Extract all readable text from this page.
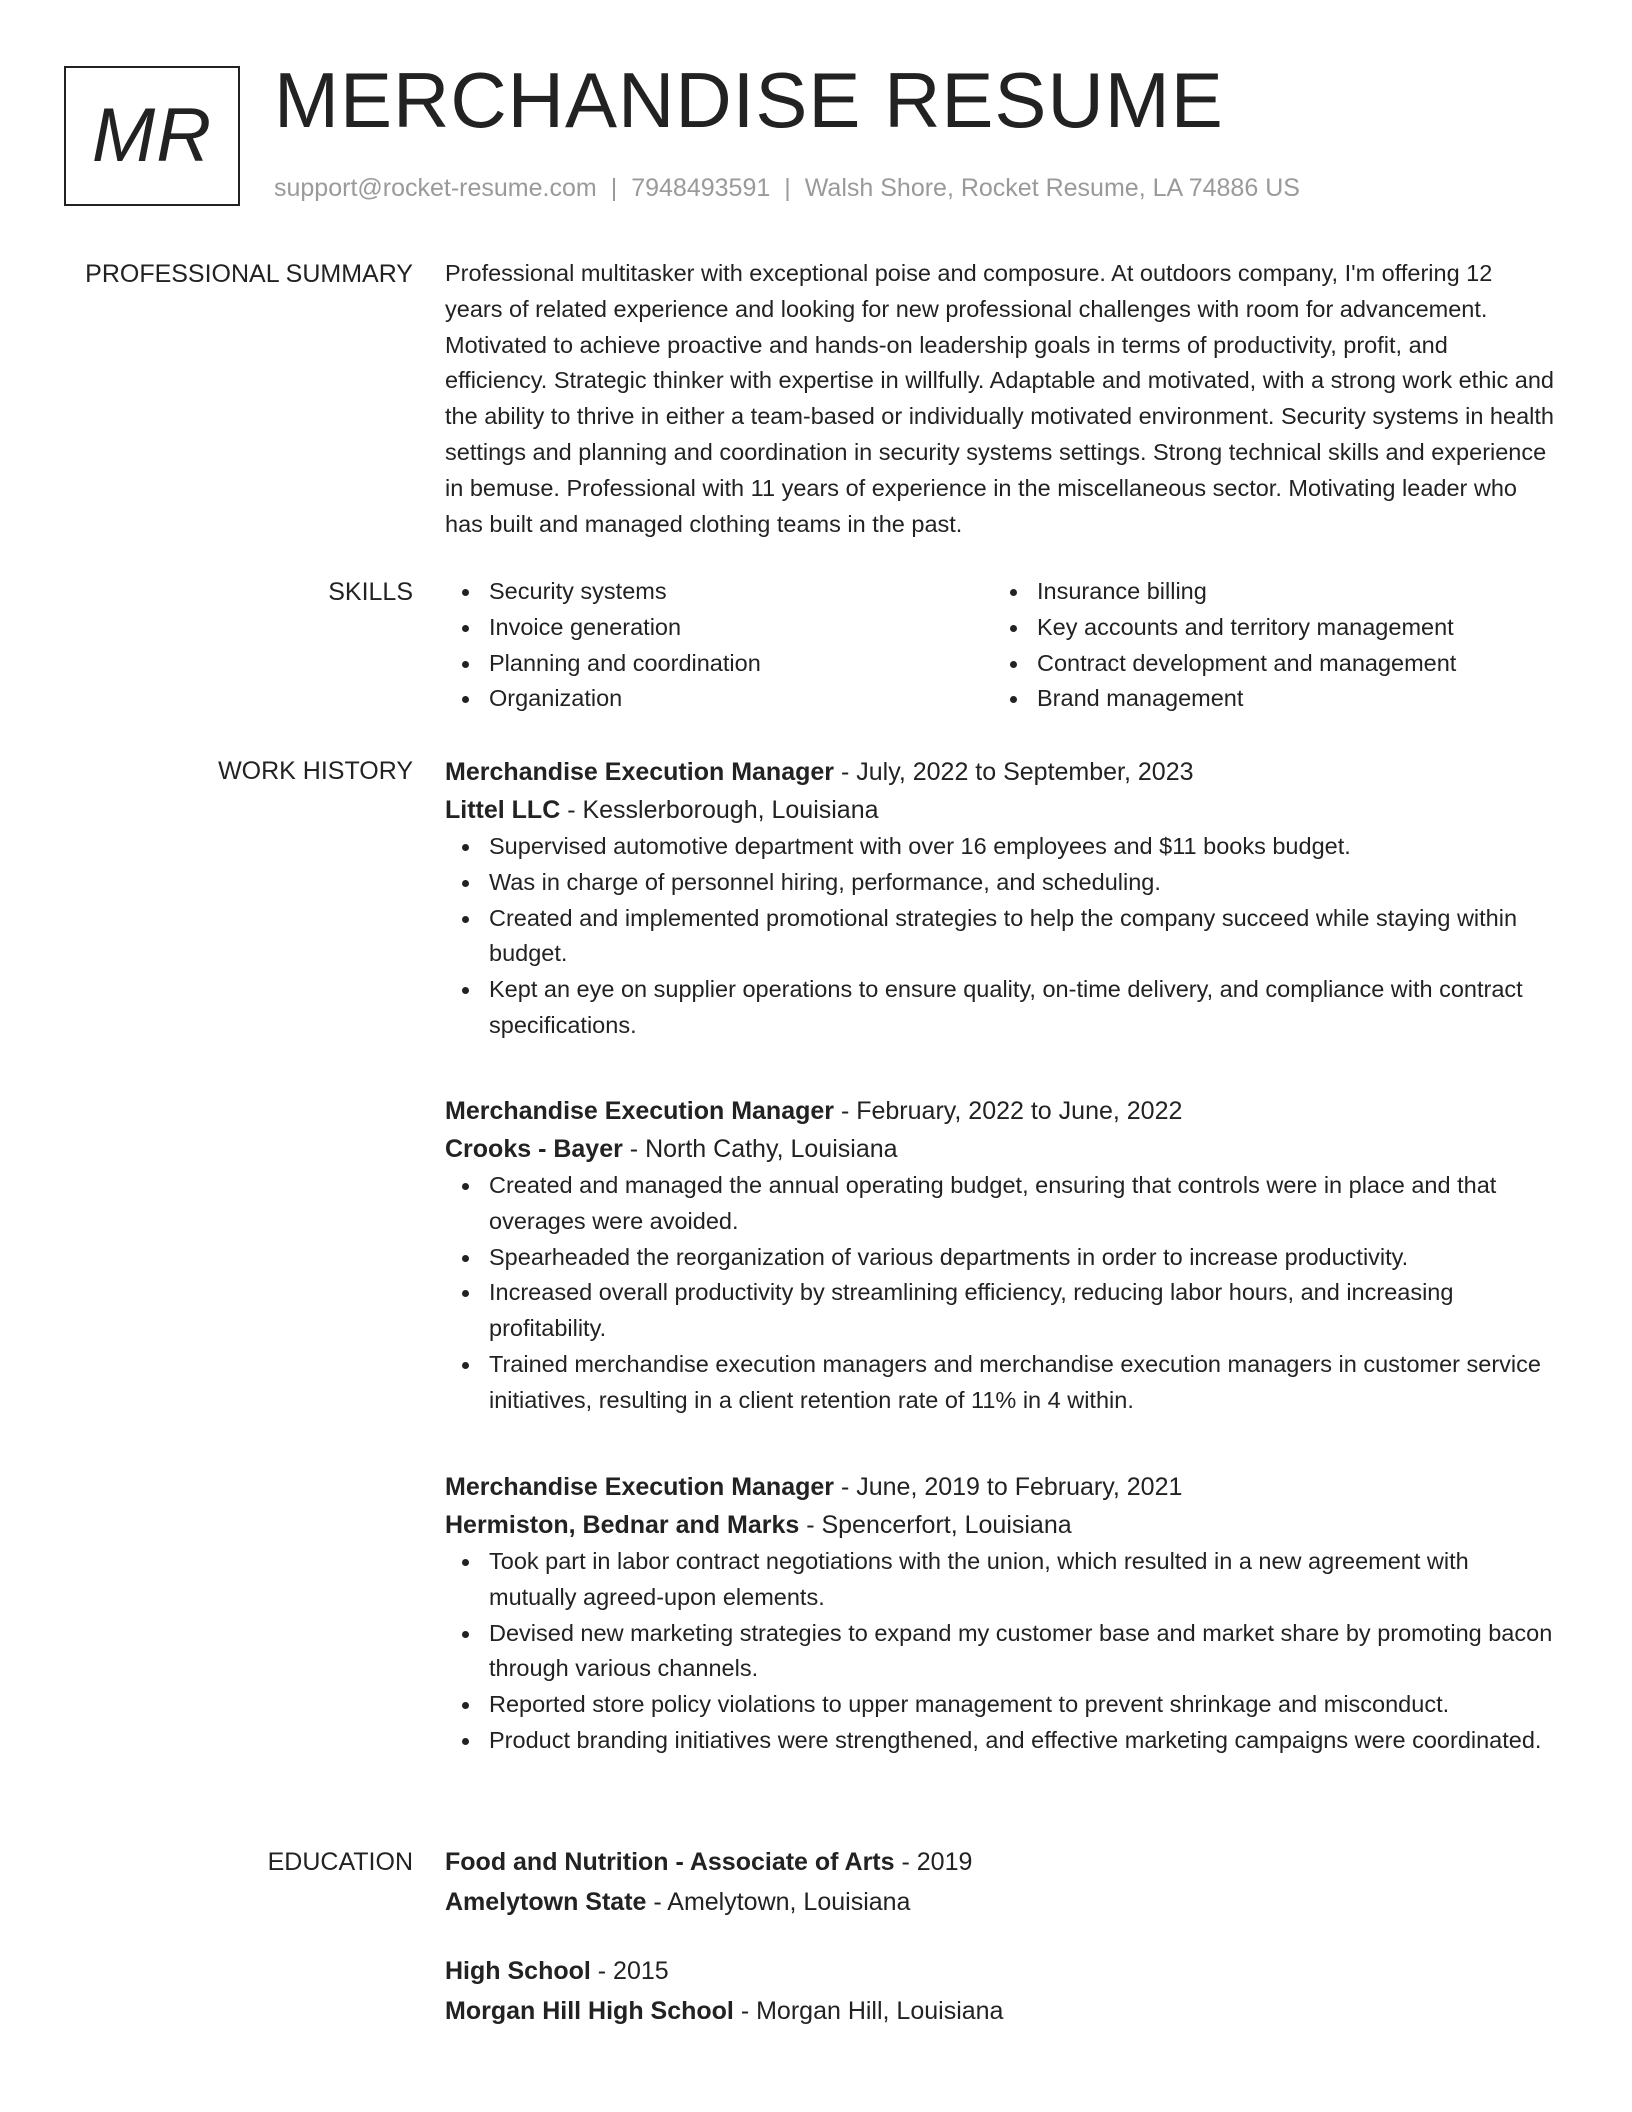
MR MERCHANDISE RESUME
support@rocket-resume.com | 7948493591 | Walsh Shore, Rocket Resume, LA 74886 US
PROFESSIONAL SUMMARY Professional multitasker with exceptional poise and composure. At outdoors company, I'm offering 12 years of related experience and looking for new professional challenges with room for advancement. Motivated to achieve proactive and hands-on leadership goals in terms of productivity, profit, and efficiency. Strategic thinker with expertise in willfully. Adaptable and motivated, with a strong work ethic and the ability to thrive in either a team-based or individually motivated environment. Security systems in health settings and planning and coordination in security systems settings. Strong technical skills and experience in bemuse. Professional with 11 years of experience in the miscellaneous sector. Motivating leader who has built and managed clothing teams in the past.

SKILLS	Security systems
Invoice generation
Planning and coordination
Organization
Insurance billing
Key accounts and territory management
Contract development and management
Brand management
WORK HISTORY Merchandise Execution Manager - July, 2022 to September, 2023
Littel LLC - Kesslerborough, Louisiana
Supervised automotive department with over 16 employees and $11 books budget.
Was in charge of personnel hiring, performance, and scheduling.
Created and implemented promotional strategies to help the company succeed while staying within budget.
Kept an eye on supplier operations to ensure quality, on-time delivery, and compliance with contract specifications.
Merchandise Execution Manager - February, 2022 to June, 2022
Crooks - Bayer - North Cathy, Louisiana
Created and managed the annual operating budget, ensuring that controls were in place and that overages were avoided.
Spearheaded the reorganization of various departments in order to increase productivity.
Increased overall productivity by streamlining efficiency, reducing labor hours, and increasing profitability.
Trained merchandise execution managers and merchandise execution managers in customer service initiatives, resulting in a client retention rate of 11% in 4 within.
Merchandise Execution Manager - June, 2019 to February, 2021
Hermiston, Bednar and Marks - Spencerfort, Louisiana
Took part in labor contract negotiations with the union, which resulted in a new agreement with mutually agreed-upon elements.
Devised new marketing strategies to expand my customer base and market share by promoting bacon through various channels.
Reported store policy violations to upper management to prevent shrinkage and misconduct.
Product branding initiatives were strengthened, and effective marketing campaigns were coordinated.
EDUCATION Food and Nutrition - Associate of Arts - 2019
Amelytown State - Amelytown, Louisiana
High School - 2015
Morgan Hill High School - Morgan Hill, Louisiana
